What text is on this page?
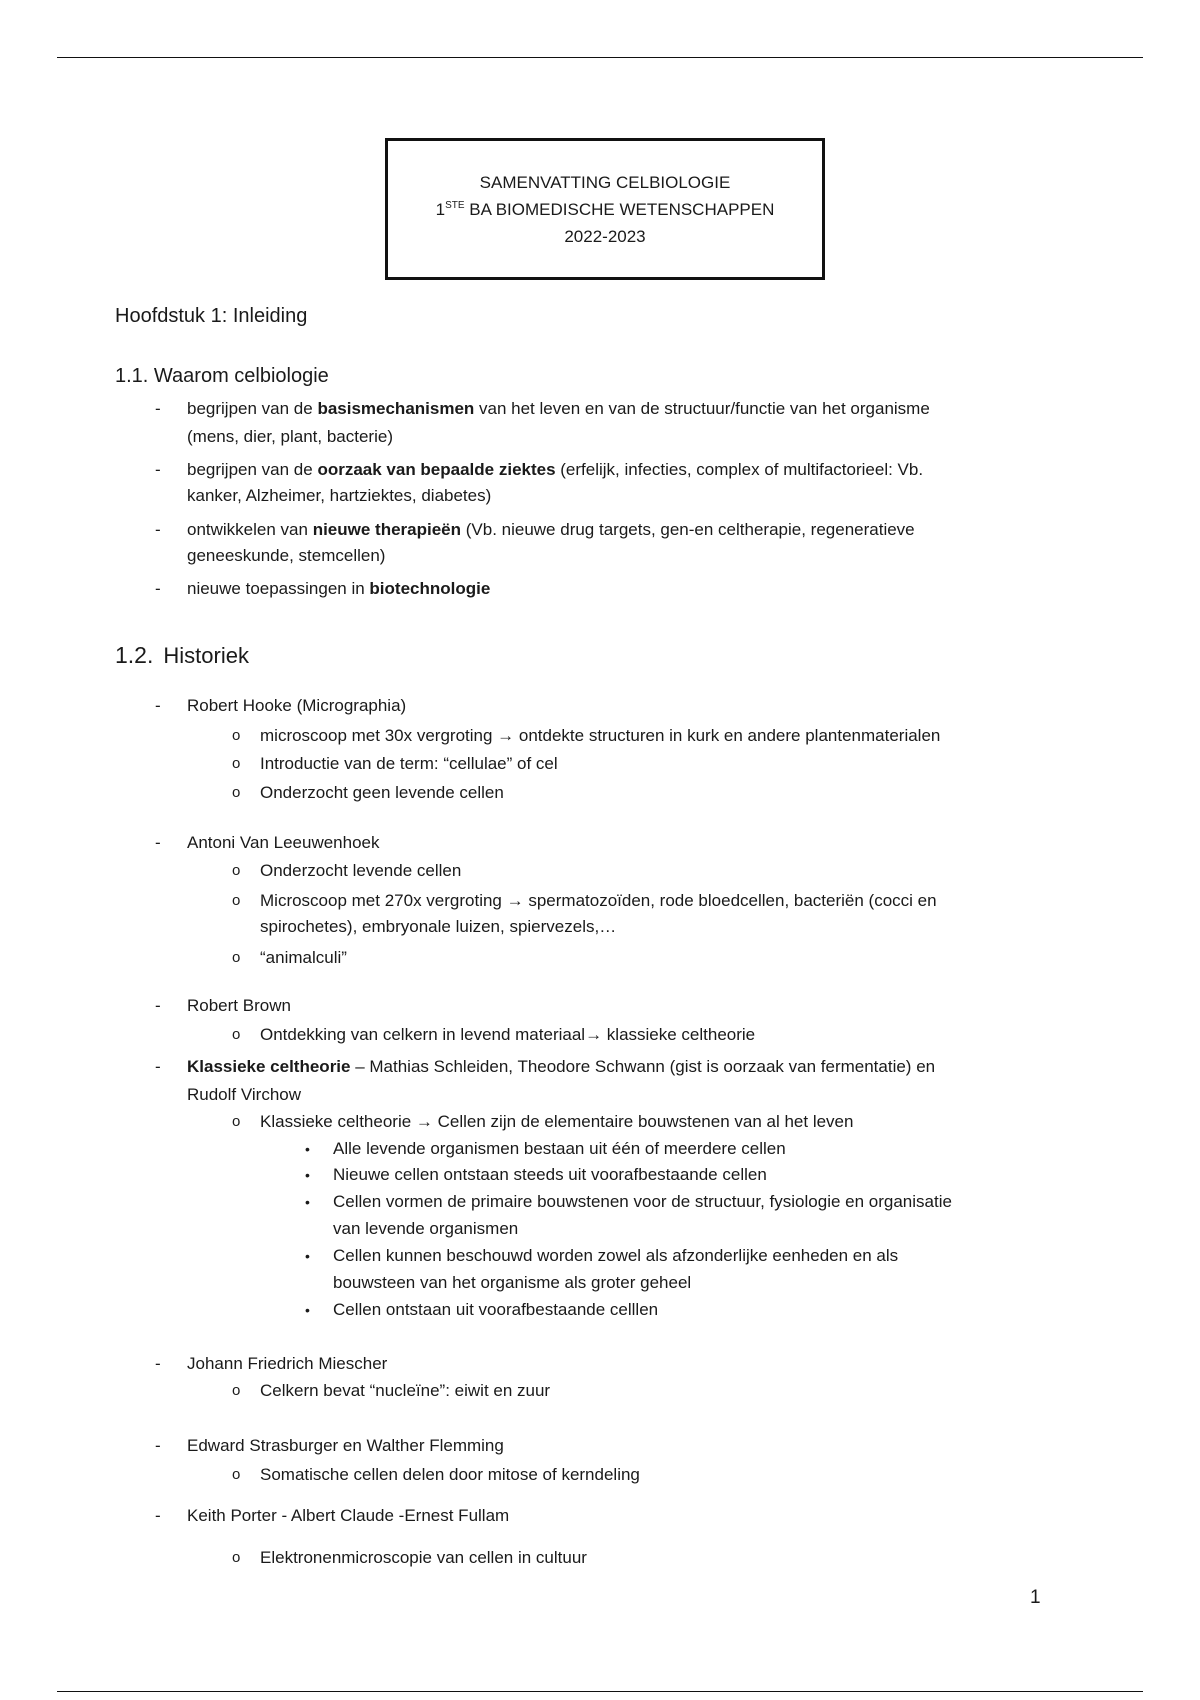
SAMENVATTING CELBIOLOGIE
1STE BA BIOMEDISCHE WETENSCHAPPEN
2022-2023
Hoofdstuk 1: Inleiding
1.1. Waarom celbiologie
- begrijpen van de basismechanismen van het leven en van de structuur/functie van het organisme
(mens, dier, plant, bacterie)
- begrijpen van de oorzaak van bepaalde ziektes (erfelijk, infecties, complex of multifactorieel: Vb.
kanker, Alzheimer, hartziektes, diabetes)
- ontwikkelen van nieuwe therapieën (Vb. nieuwe drug targets, gen-en celtherapie, regeneratieve
geneeskunde, stemcellen)
- nieuwe toepassingen in biotechnologie
1.2. Historiek
- Robert Hooke (Micrographia)
o microscoop met 30x vergroting → ontdekte structuren in kurk en andere plantenmaterialen
o Introductie van de term: “cellulae” of cel
o Onderzocht geen levende cellen
- Antoni Van Leeuwenhoek
o Onderzocht levende cellen
o Microscoop met 270x vergroting → spermatozoïden, rode bloedcellen, bacteriën (cocci en
spirochetes), embryonale luizen, spiervezels,…
o “animalculi”
- Robert Brown
o Ontdekking van celkern in levend materiaal→ klassieke celtheorie
- Klassieke celtheorie – Mathias Schleiden, Theodore Schwann (gist is oorzaak van fermentatie) en
Rudolf Virchow
o Klassieke celtheorie → Cellen zijn de elementaire bouwstenen van al het leven
• Alle levende organismen bestaan uit één of meerdere cellen
• Nieuwe cellen ontstaan steeds uit voorafbestaande cellen
• Cellen vormen de primaire bouwstenen voor de structuur, fysiologie en organisatie
van levende organismen
• Cellen kunnen beschouwd worden zowel als afzonderlijke eenheden en als
bouwsteen van het organisme als groter geheel
• Cellen ontstaan uit voorafbestaande celllen
- Johann Friedrich Miescher
o Celkern bevat “nucleïne”: eiwit en zuur
- Edward Strasburger en Walther Flemming
o Somatische cellen delen door mitose of kerndeling
- Keith Porter - Albert Claude -Ernest Fullam
o Elektronenmicroscopie van cellen in cultuur
1
